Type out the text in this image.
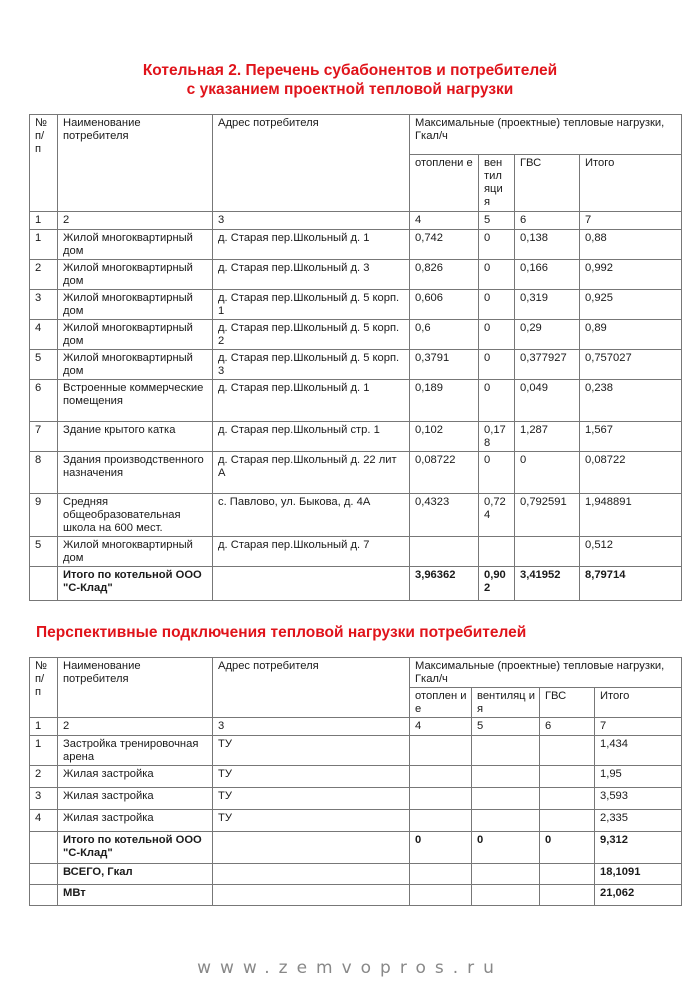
Котельная 2. Перечень субабонентов и потребителей
с указанием проектной тепловой нагрузки
№ п/ п	Наименование потребителя	Адрес потребителя	Максимальные (проектные) тепловые нагрузки, Гкал/ч			
			отоплени е	вен тил яци я	ГВС	Итого
1	2	3	4	5	6	7
1	Жилой многоквартирный дом	д. Старая пер.Школьный д. 1	0,742	0	0,138	0,88
2	Жилой многоквартирный дом	д. Старая пер.Школьный д. 3	0,826	0	0,166	0,992
3	Жилой многоквартирный дом	д. Старая пер.Школьный д. 5 корп. 1	0,606	0	0,319	0,925
4	Жилой многоквартирный дом	д. Старая пер.Школьный д. 5 корп. 2	0,6	0	0,29	0,89
5	Жилой многоквартирный дом	д. Старая пер.Школьный д. 5 корп. 3	0,3791	0	0,377927	0,757027
6	Встроенные коммерческие помещения	д. Старая пер.Школьный д. 1	0,189	0	0,049	0,238
7	Здание крытого катка	д. Старая пер.Школьный стр. 1	0,102	0,178	1,287	1,567
8	Здания производственного назначения	д. Старая пер.Школьный д. 22 лит А	0,08722	0	0	0,08722
9	Средняя общеобразовательная школа на 600 мест.	с. Павлово, ул. Быкова, д. 4А	0,4323	0,724	0,792591	1,948891
5	Жилой многоквартирный дом	д. Старая пер.Школьный д. 7				0,512
	Итого по котельной ООО "С-Клад"		3,96362	0,902	3,41952	8,79714
Перспективные подключения тепловой нагрузки потребителей
№ п/ п	Наименование потребителя	Адрес потребителя	Максимальные (проектные) тепловые нагрузки, Гкал/ч			
			отоплен ие	вентиляц ия	ГВС	Итого
1	2	3	4	5	6	7
1	Застройка тренировочная арена	ТУ				1,434
2	Жилая застройка	ТУ				1,95
3	Жилая застройка	ТУ				3,593
4	Жилая застройка	ТУ				2,335
	Итого по котельной ООО "С-Клад"		0	0	0	9,312
	ВСЕГО, Гкал					18,1091
	МВт					21,062
www.zemvopros.ru
